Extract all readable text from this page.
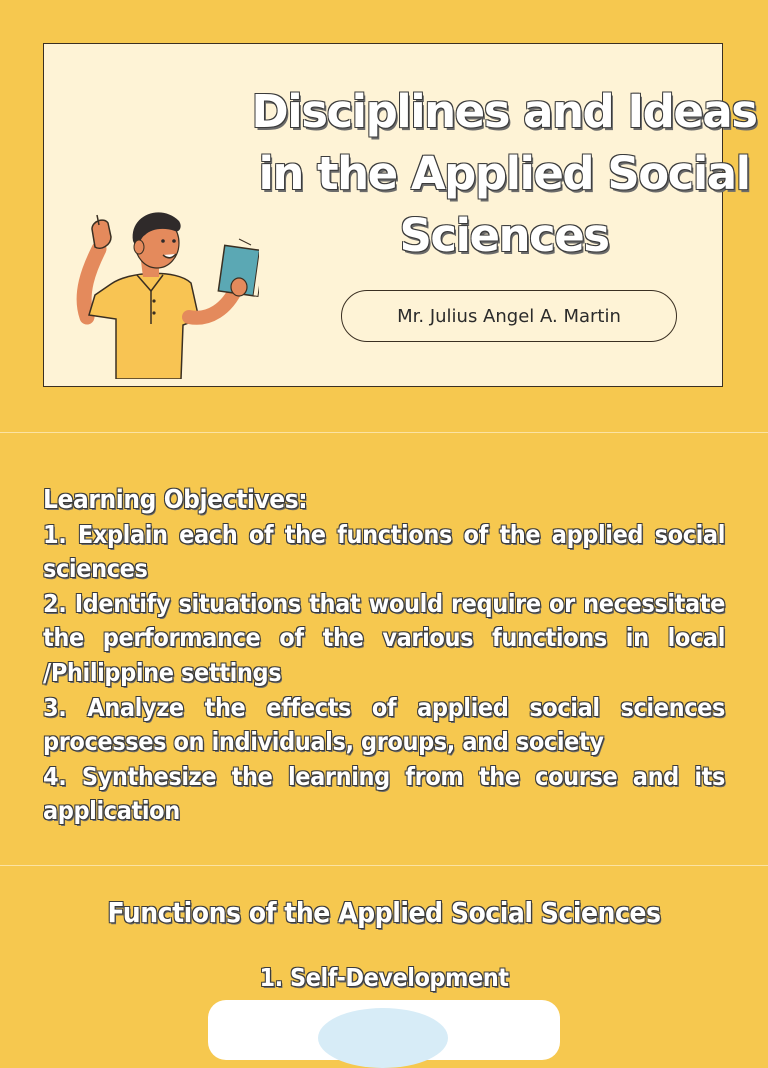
Disciplines and Ideas in the Applied Social Sciences
Mr. Julius Angel A. Martin

Learning Objectives:

1. Explain each of the functions of the applied social sciences

2. Identify situations that would require or necessitate the performance of the various functions in local /Philippine settings

3. Analyze the effects of applied social sciences processes on individuals, groups, and society

4. Synthesize the learning from the course and its application

Functions of the Applied Social Sciences
1. Self-Development
